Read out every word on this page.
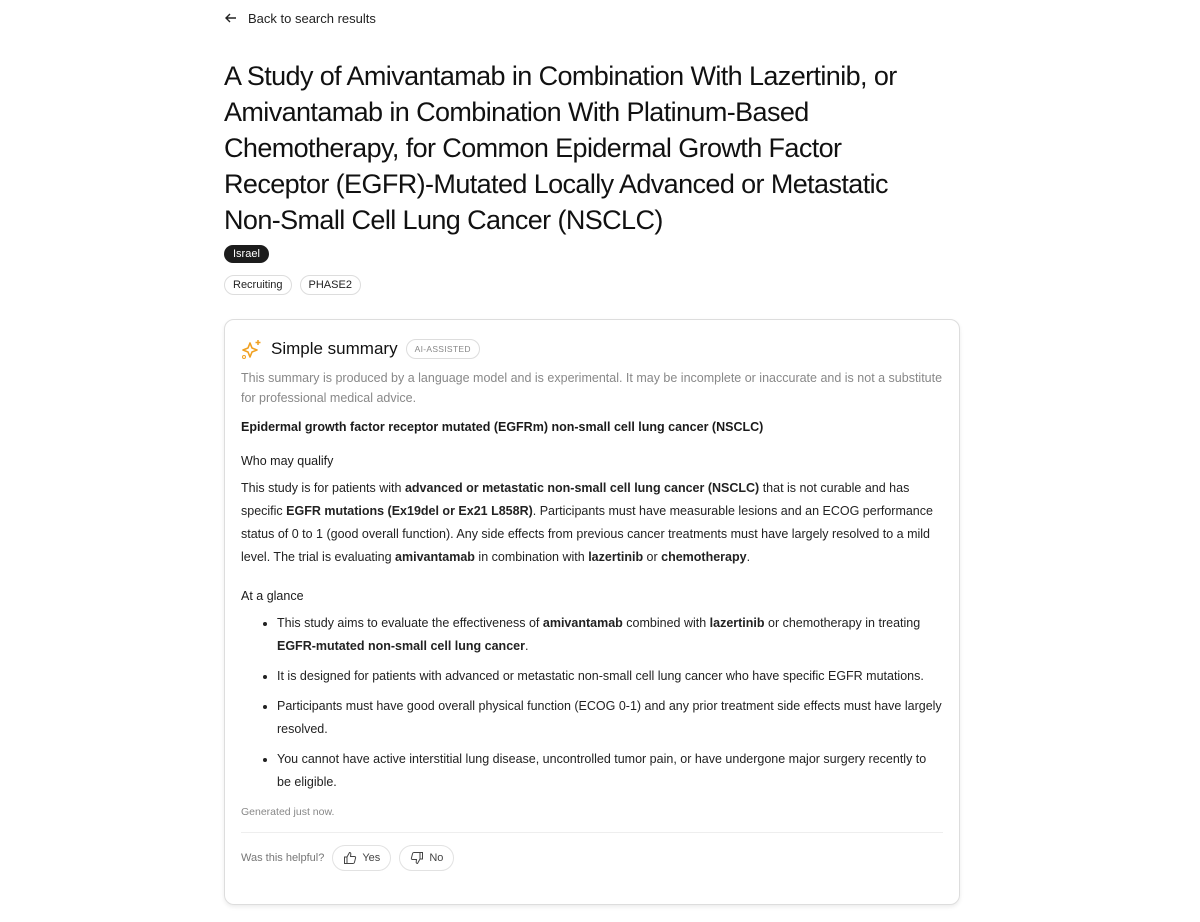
Back to search results
A Study of Amivantamab in Combination With Lazertinib, or Amivantamab in Combination With Platinum-Based Chemotherapy, for Common Epidermal Growth Factor Receptor (EGFR)-Mutated Locally Advanced or Metastatic Non-Small Cell Lung Cancer (NSCLC)
Israel
Recruiting	PHASE2
Simple summary	AI-ASSISTED
This summary is produced by a language model and is experimental. It may be incomplete or inaccurate and is not a substitute for professional medical advice.
Epidermal growth factor receptor mutated (EGFRm) non-small cell lung cancer (NSCLC)
Who may qualify

This study is for patients with advanced or metastatic non-small cell lung cancer (NSCLC) that is not curable and has specific EGFR mutations (Ex19del or Ex21 L858R). Participants must have measurable lesions and an ECOG performance status of 0 to 1 (good overall function). Any side effects from previous cancer treatments must have largely resolved to a mild level. The trial is evaluating amivantamab in combination with lazertinib or chemotherapy.

At a glance
• This study aims to evaluate the effectiveness of amivantamab combined with lazertinib or chemotherapy in treating EGFR-mutated non-small cell lung cancer.
• It is designed for patients with advanced or metastatic non-small cell lung cancer who have specific EGFR mutations.
• Participants must have good overall physical function (ECOG 0-1) and any prior treatment side effects must have largely resolved.
• You cannot have active interstitial lung disease, uncontrolled tumor pain, or have undergone major surgery recently to be eligible.
Generated just now.
Was this helpful?	Yes	No
